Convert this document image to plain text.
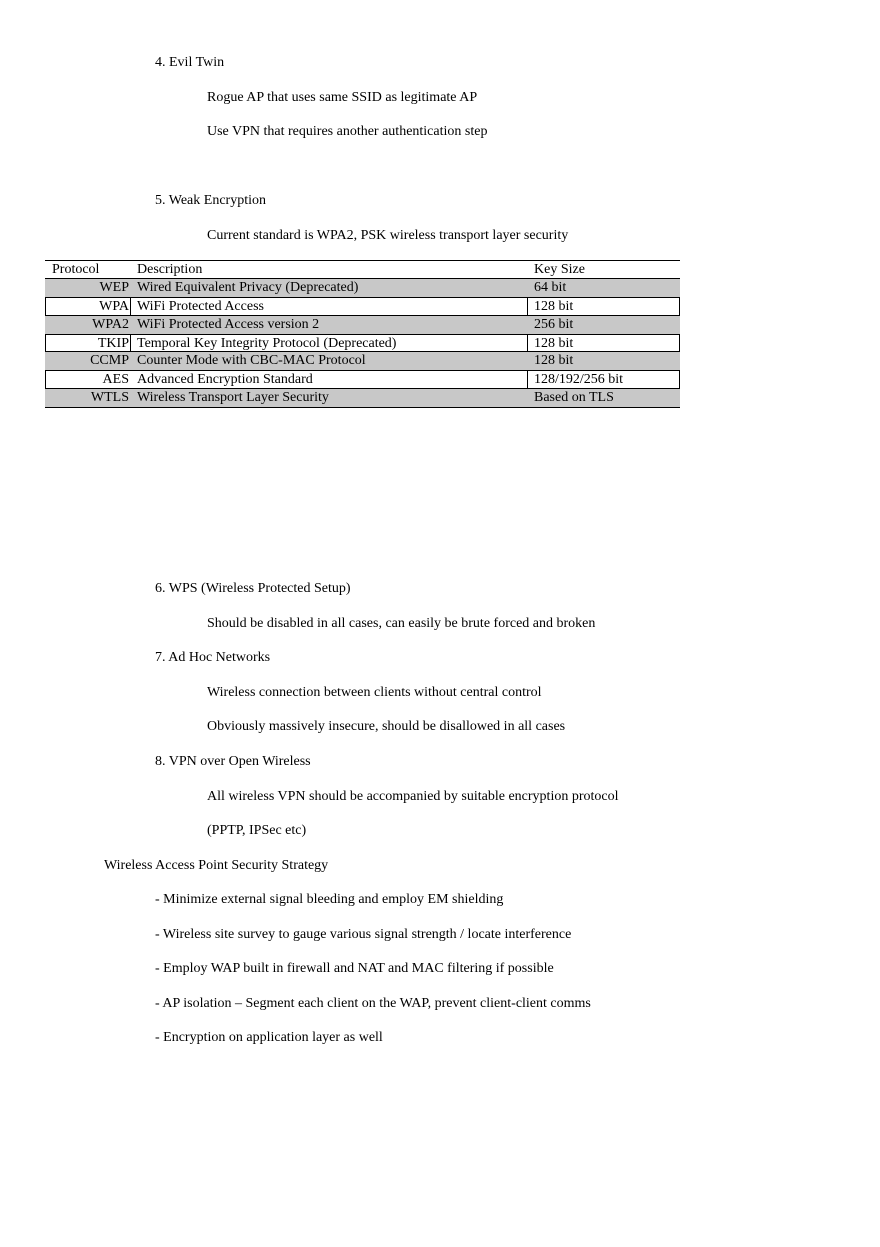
4. Evil Twin
Rogue AP that uses same SSID as legitimate AP
Use VPN that requires another authentication step
5. Weak Encryption
Current standard is WPA2, PSK wireless transport layer security
Protocol	Description	Key Size
WEP Wired Equivalent Privacy (Deprecated)	64 bit
WPA WiFi Protected Access	128 bit
WPA2 WiFi Protected Access version 2	256 bit
TKIP Temporal Key Integrity Protocol (Deprecated)	128 bit
CCMP Counter Mode with CBC-MAC Protocol	128 bit
AES Advanced Encryption Standard	128/192/256 bit
WTLS Wireless Transport Layer Security	Based on TLS
6. WPS (Wireless Protected Setup)
Should be disabled in all cases, can easily be brute forced and broken
7. Ad Hoc Networks
Wireless connection between clients without central control
Obviously massively insecure, should be disallowed in all cases
8. VPN over Open Wireless
All wireless VPN should be accompanied by suitable encryption protocol
(PPTP, IPSec etc)
Wireless Access Point Security Strategy
- Minimize external signal bleeding and employ EM shielding
- Wireless site survey to gauge various signal strength / locate interference
- Employ WAP built in firewall and NAT and MAC filtering if possible
- AP isolation – Segment each client on the WAP, prevent client-client comms
- Encryption on application layer as well
